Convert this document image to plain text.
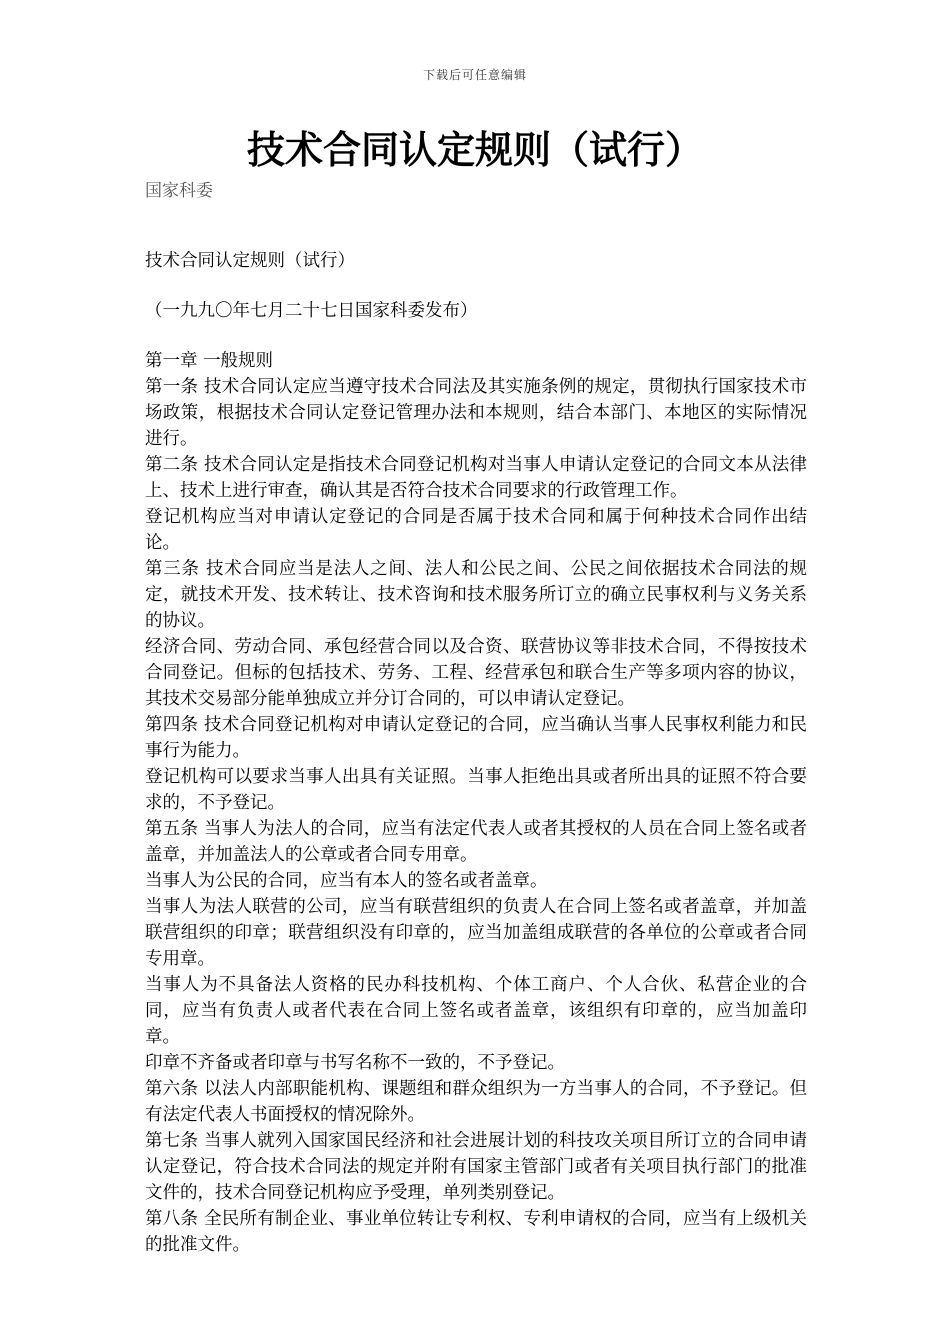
下载后可任意编辑
技术合同认定规则（试行）
国家科委

技术合同认定规则（试行）

（一九九〇年七月二十七日国家科委发布）

第一章 一般规则

第一条 技术合同认定应当遵守技术合同法及其实施条例的规定，贯彻执行国家技术市场政策，根据技术合同认定登记管理办法和本规则，结合本部门、本地区的实际情况进行。

第二条 技术合同认定是指技术合同登记机构对当事人申请认定登记的合同文本从法律上、技术上进行审查，确认其是否符合技术合同要求的行政管理工作。

登记机构应当对申请认定登记的合同是否属于技术合同和属于何种技术合同作出结论。

第三条 技术合同应当是法人之间、法人和公民之间、公民之间依据技术合同法的规定，就技术开发、技术转让、技术咨询和技术服务所订立的确立民事权利与义务关系的协议。

经济合同、劳动合同、承包经营合同以及合资、联营协议等非技术合同，不得按技术合同登记。但标的包括技术、劳务、工程、经营承包和联合生产等多项内容的协议，其技术交易部分能单独成立并分订合同的，可以申请认定登记。

第四条 技术合同登记机构对申请认定登记的合同，应当确认当事人民事权利能力和民事行为能力。

登记机构可以要求当事人出具有关证照。当事人拒绝出具或者所出具的证照不符合要求的，不予登记。

第五条 当事人为法人的合同，应当有法定代表人或者其授权的人员在合同上签名或者盖章，并加盖法人的公章或者合同专用章。

当事人为公民的合同，应当有本人的签名或者盖章。

当事人为法人联营的公司，应当有联营组织的负责人在合同上签名或者盖章，并加盖联营组织的印章；联营组织没有印章的，应当加盖组成联营的各单位的公章或者合同专用章。

当事人为不具备法人资格的民办科技机构、个体工商户、个人合伙、私营企业的合同，应当有负责人或者代表在合同上签名或者盖章，该组织有印章的，应当加盖印章。

印章不齐备或者印章与书写名称不一致的，不予登记。

第六条 以法人内部职能机构、课题组和群众组织为一方当事人的合同，不予登记。但有法定代表人书面授权的情况除外。

第七条 当事人就列入国家国民经济和社会进展计划的科技攻关项目所订立的合同申请认定登记，符合技术合同法的规定并附有国家主管部门或者有关项目执行部门的批准文件的，技术合同登记机构应予受理，单列类别登记。

第八条 全民所有制企业、事业单位转让专利权、专利申请权的合同，应当有上级机关的批准文件。
